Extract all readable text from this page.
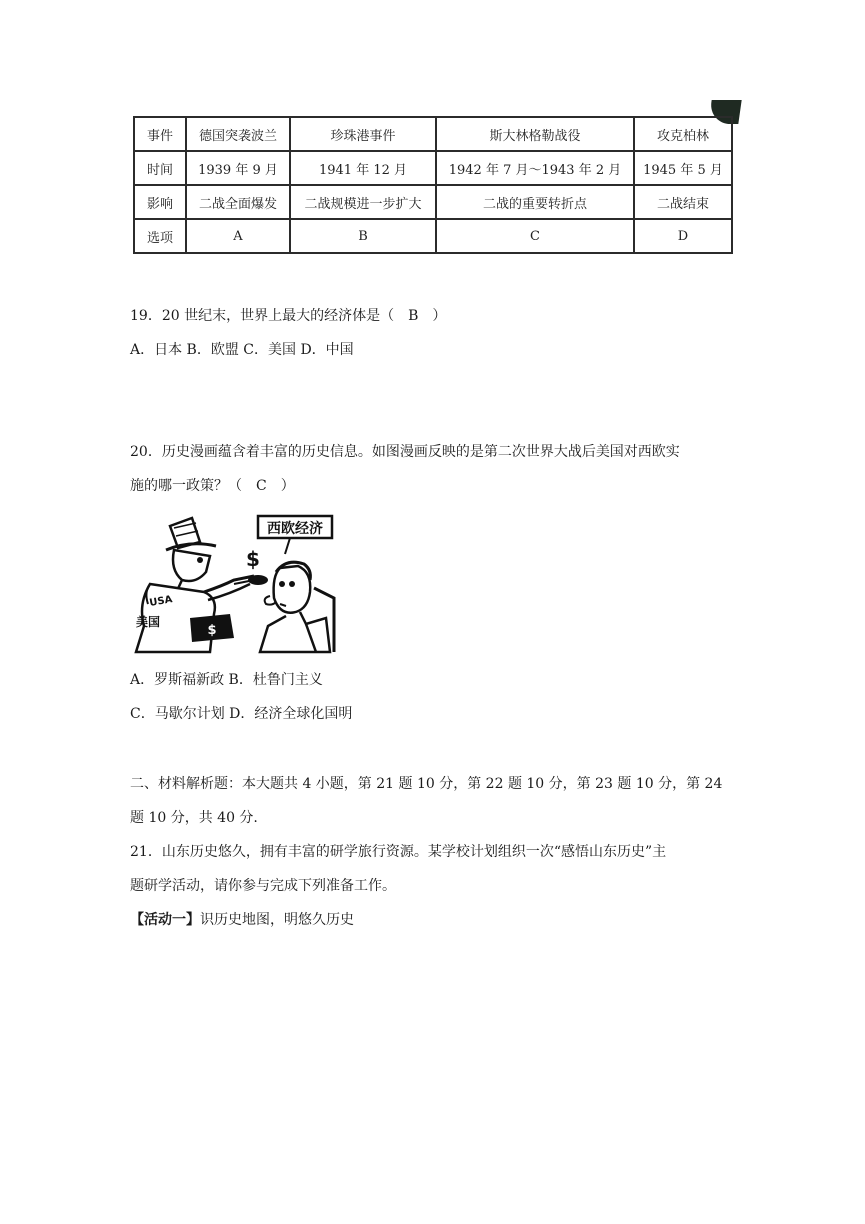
事件	德国突袭波兰	珍珠港事件	斯大林格勒战役	攻克柏林
时间	1939 年 9 月	1941 年 12 月	1942 年 7 月～1943 年 2 月	1945 年 5 月
影响	二战全面爆发	二战规模进一步扩大	二战的重要转折点	二战结束
选项	A	B	C	D
19．20 世纪末，世界上最大的经济体是（　B　）
A．日本 B．欧盟 C．美国 D．中国
20．历史漫画蕴含着丰富的历史信息。如图漫画反映的是第二次世界大战后美国对西欧实
施的哪一政策？（　C　）
西欧经济
USA
$
美国
$
A．罗斯福新政 B．杜鲁门主义
C．马歇尔计划 D．经济全球化国明
二、材料解析题：本大题共 4 小题，第 21 题 10 分，第 22 题 10 分，第 23 题 10 分，第 24
题 10 分，共 40 分.
21．山东历史悠久，拥有丰富的研学旅行资源。某学校计划组织一次“感悟山东历史”主
题研学活动，请你参与完成下列准备工作。
【活动一】识历史地图，明悠久历史
